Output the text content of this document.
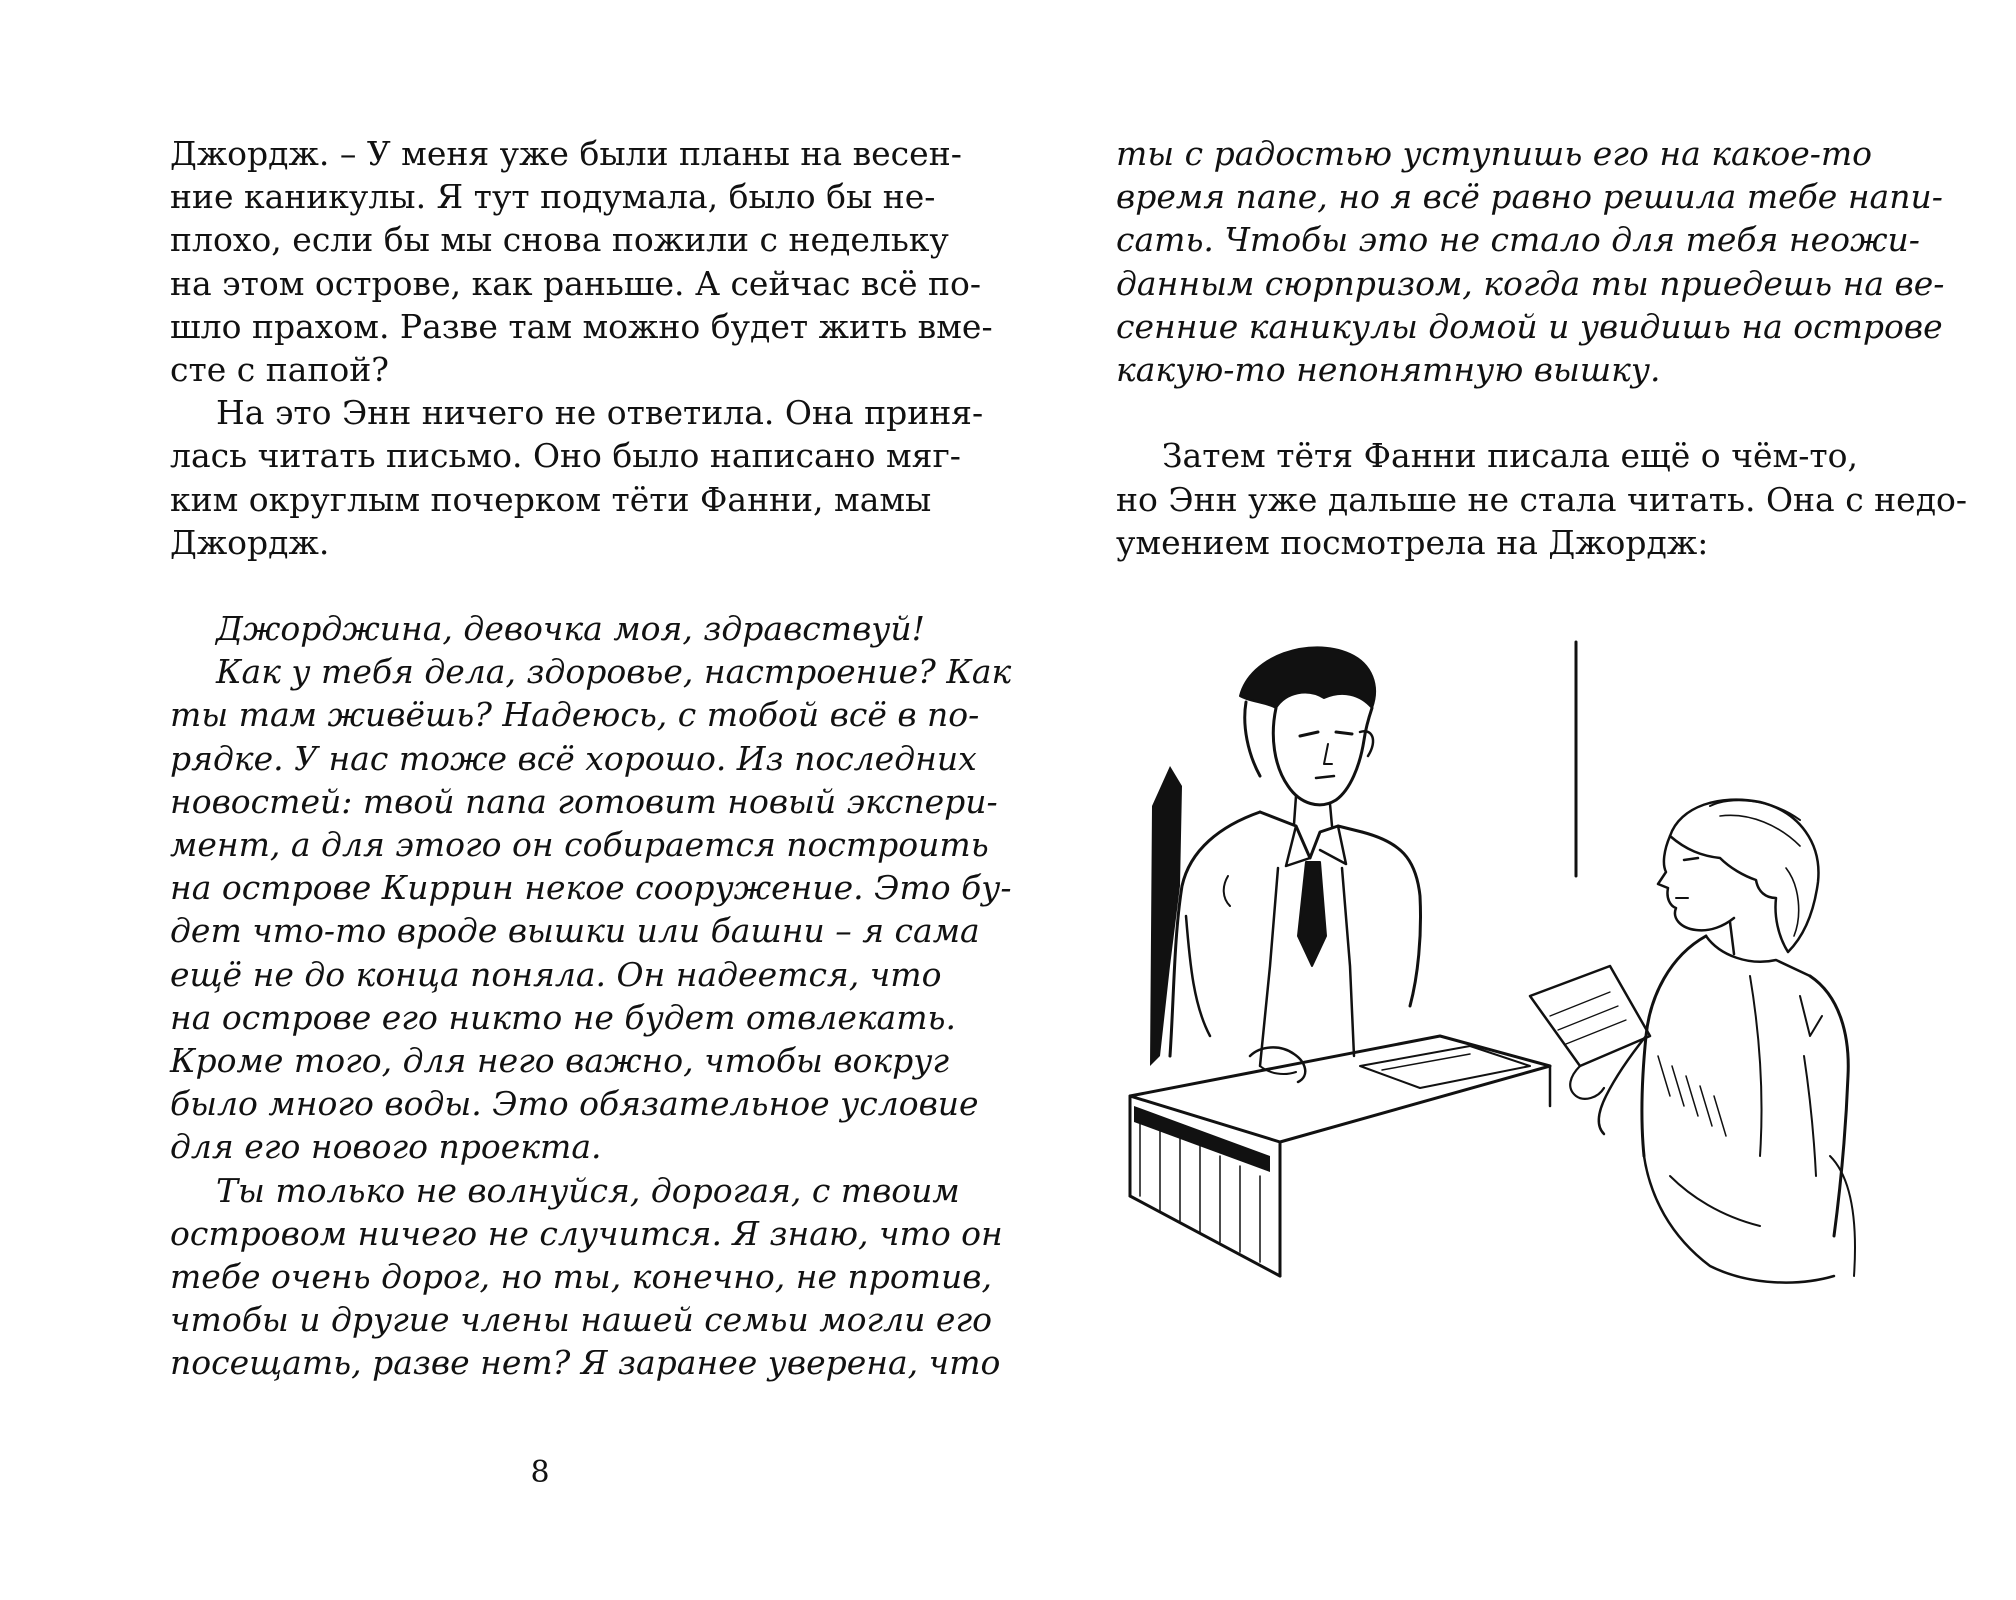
Джордж. – У меня уже были планы на весен-
ние каникулы. Я тут подумала, было бы не-
плохо, если бы мы снова пожили с недельку
на этом острове, как раньше. А сейчас всё по-
шло прахом. Разве там можно будет жить вме-
сте с папой?
На это Энн ничего не ответила. Она приня-
лась читать письмо. Оно было написано мяг-
ким округлым почерком тёти Фанни, мамы
Джордж.
Джорджина, девочка моя, здравствуй!
Как у тебя дела, здоровье, настроение? Как
ты там живёшь? Надеюсь, с тобой всё в по-
рядке. У нас тоже всё хорошо. Из последних
новостей: твой папа готовит новый экспери-
мент, а для этого он собирается построить
на острове Киррин некое сооружение. Это бу-
дет что-то вроде вышки или башни – я сама
ещё не до конца поняла. Он надеется, что
на острове его никто не будет отвлекать.
Кроме того, для него важно, чтобы вокруг
было много воды. Это обязательное условие
для его нового проекта.
Ты только не волнуйся, дорогая, с твоим
островом ничего не случится. Я знаю, что он
тебе очень дорог, но ты, конечно, не против,
чтобы и другие члены нашей семьи могли его
посещать, разве нет? Я заранее уверена, что
8
ты с радостью уступишь его на какое-то
время папе, но я всё равно решила тебе напи-
сать. Чтобы это не стало для тебя неожи-
данным сюрпризом, когда ты приедешь на ве-
сенние каникулы домой и увидишь на острове
какую-то непонятную вышку.
Затем тётя Фанни писала ещё о чём-то,
но Энн уже дальше не стала читать. Она с недо-
умением посмотрела на Джордж:
